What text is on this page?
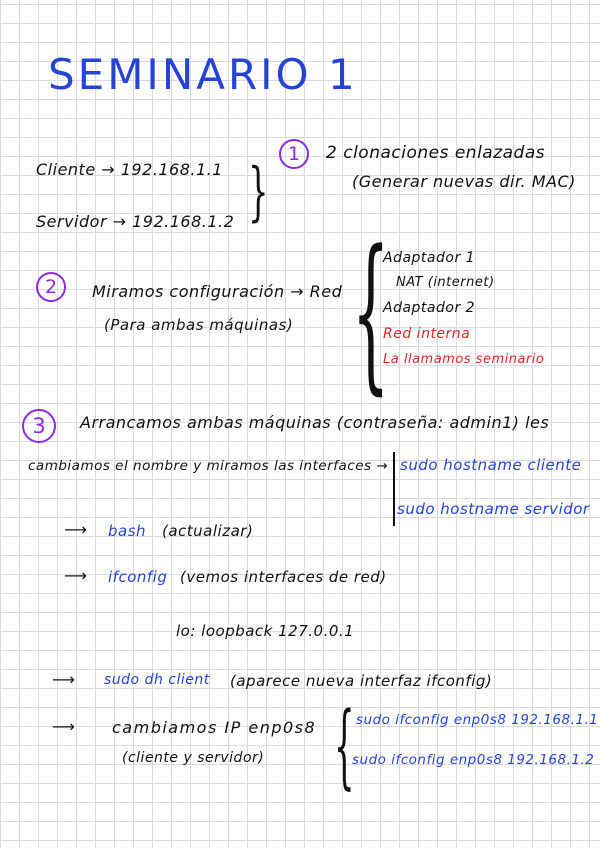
SEMINARIO 1
Cliente → 192.168.1.1
Servidor → 192.168.1.2 }
1	2 clonaciones enlazadas
(Generar nuevas dir. MAC)
2	Miramos configuración → Red
(Para ambas máquinas) {
Adaptador 1
NAT (internet)
Adaptador 2
Red interna
La llamamos seminario
3	Arrancamos ambas máquinas (contraseña: admin1) les
cambiamos el nombre y miramos las interfaces → sudo hostname cliente
sudo hostname servidor
⟶ bash (actualizar)
⟶ ifconfig (vemos interfaces de red)
lo: loopback 127.0.0.1
⟶ sudo dh client (aparece nueva interfaz ifconfig)
⟶ cambiamos IP enp0s8
(cliente y servidor) { sudo ifconfig enp0s8 192.168.1.1
sudo ifconfig enp0s8 192.168.1.2
